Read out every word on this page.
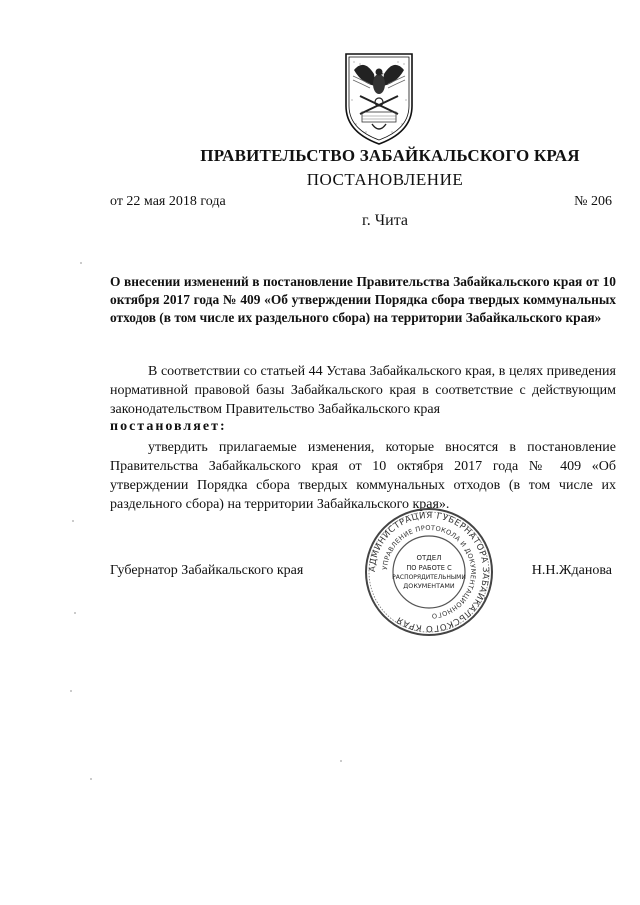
ПРАВИТЕЛЬСТВО ЗАБАЙКАЛЬСКОГО КРАЯ
ПОСТАНОВЛЕНИЕ
от 22 мая 2018 года	№ 206
г. Чита
О внесении изменений в постановление Правительства Забайкальского края от 10 октября 2017 года № 409 «Об утверждении Порядка сбора твердых коммунальных отходов (в том числе их раздельного сбора) на территории Забайкальского края»
В соответствии со статьей 44 Устава Забайкальского края, в целях приведения нормативной правовой базы Забайкальского края в соответствие с действующим законодательством Правительство Забайкальского края
постановляет:
утвердить прилагаемые изменения, которые вносятся в постановление Правительства Забайкальского края от 10 октября 2017 года № 409 «Об утверждении Порядка сбора твердых коммунальных отходов (в том числе их раздельного сбора) на территории Забайкальского края».
Губернатор Забайкальского края	Н.Н.Жданова
АДМИНИСТРАЦИЯ ГУБЕРНАТОРА ЗАБАЙКАЛЬСКОГО КРАЯ
УПРАВЛЕНИЕ ПРОТОКОЛА И ДОКУМЕНТАЦИОННОГО
ОТДЕЛ
ПО РАБОТЕ С
РАСПОРЯДИТЕЛЬНЫМИ
ДОКУМЕНТАМИ
